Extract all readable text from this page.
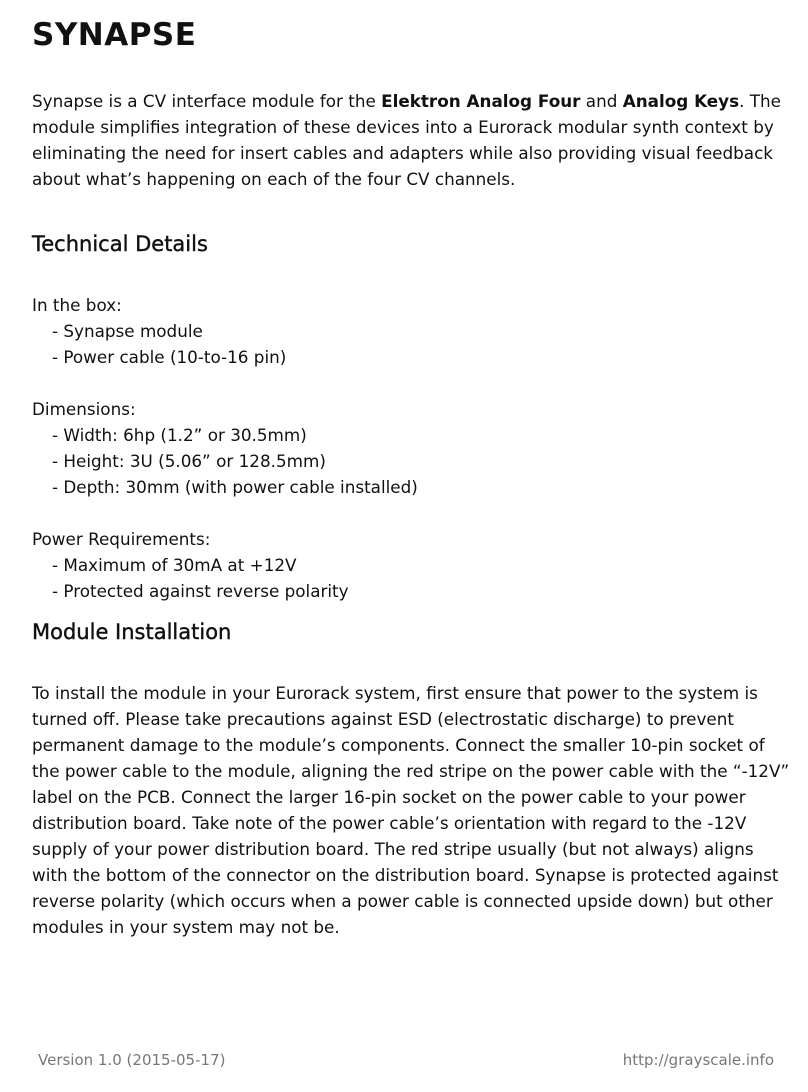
SYNAPSE

Synapse is a CV interface module for the Elektron Analog Four and Analog Keys. The module simplifies integration of these devices into a Eurorack modular synth context by eliminating the need for insert cables and adapters while also providing visual feedback about what’s happening on each of the four CV channels.

Technical Details
In the box:
- Synapse module
- Power cable (10-to-16 pin)
Dimensions:
- Width: 6hp (1.2” or 30.5mm)
- Height: 3U (5.06” or 128.5mm)
- Depth: 30mm (with power cable installed)
Power Requirements:
- Maximum of 30mA at +12V
- Protected against reverse polarity
Module Installation

To install the module in your Eurorack system, first ensure that power to the system is turned off. Please take precautions against ESD (electrostatic discharge) to prevent permanent damage to the module’s components. Connect the smaller 10-pin socket of the power cable to the module, aligning the red stripe on the power cable with the “-12V” label on the PCB. Connect the larger 16-pin socket on the power cable to your power distribution board. Take note of the power cable’s orientation with regard to the -12V supply of your power distribution board. The red stripe usually (but not always) aligns with the bottom of the connector on the distribution board. Synapse is protected against reverse polarity (which occurs when a power cable is connected upside down) but other modules in your system may not be.

Version 1.0 (2015-05-17)	http://grayscale.info
